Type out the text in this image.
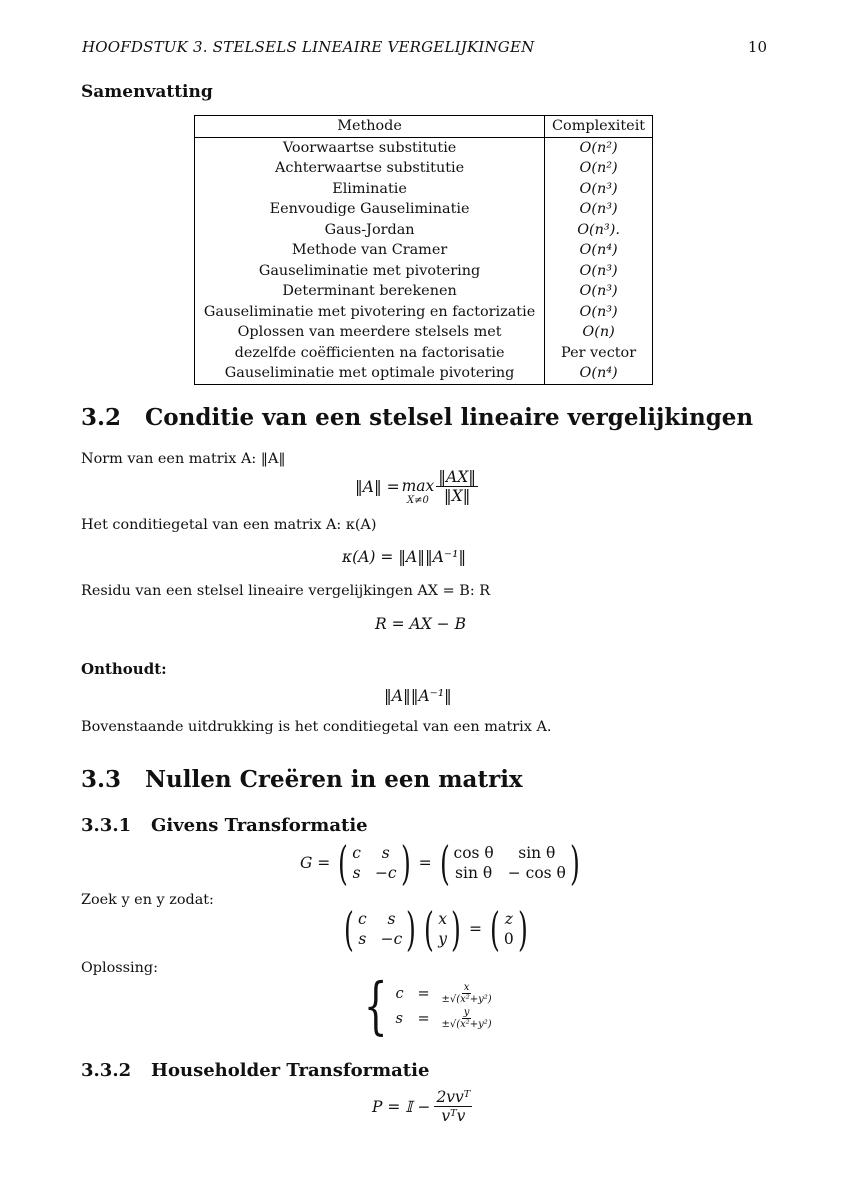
HOOFDSTUK 3. STELSELS LINEAIRE VERGELIJKINGEN	10
Samenvatting
Methode	Complexiteit
Voorwaartse substitutie	O(n²)
Achterwaartse substitutie	O(n²)
Eliminatie	O(n³)
Eenvoudige Gauseliminatie	O(n³)
Gaus-Jordan	O(n³).
Methode van Cramer	O(n⁴)
Gauseliminatie met pivotering	O(n³)
Determinant berekenen	O(n³)
Gauseliminatie met pivotering en factorizatie	O(n³)
Oplossen van meerdere stelsels met	O(n)
dezelfde coëfficienten na factorisatie	Per vector
Gauseliminatie met optimale pivotering	O(n⁴)
3.2 Conditie van een stelsel lineaire vergelijkingen
Norm van een matrix A: ‖A‖
‖A‖ = max
$X\ne 0 \frac{‖AX‖}{‖X‖}$
Het conditiegetal van een matrix A: κ(A)
κ(A) = ‖A‖‖A⁻¹‖
Residu van een stelsel lineaire vergelijkingen AX = B: R
R = AX − B
Onthoudt:
‖A‖‖A⁻¹‖
Bovenstaande uitdrukking is het conditiegetal van een matrix A.
3.3 Nullen Creëren in een matrix
3.3.1 Givens Transformatie
G = ( c	s
s −c ) = ( cos θ	sin θ
sin θ − cos θ )
Zoek y en y zodat:
( c	s
s −c ) ( x
y ) = ( z
0 )
Oplossing:
{ $c = \frac{x}{\text{±√(x²+y²)}}$
s	= $\frac{y}{\text{±√(x²+y²)}}$
3.3.2 Householder Transformatie
P = 𝕀 − $\frac{\text{2vvᵀ}}{\text{vᵀv}}$
